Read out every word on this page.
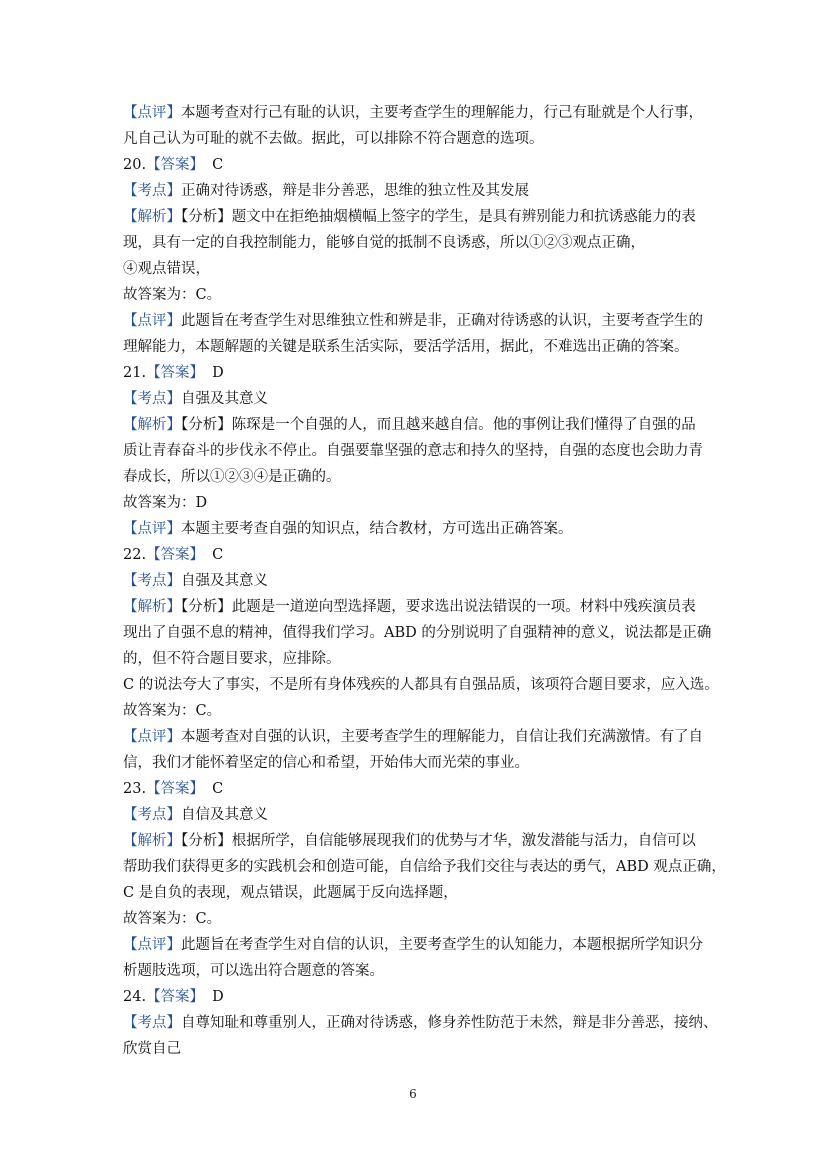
【点评】本题考查对行己有耻的认识，主要考查学生的理解能力，行己有耻就是个人行事，
凡自己认为可耻的就不去做。据此，可以排除不符合题意的选项。
20.【答案】 C
【考点】正确对待诱惑，辩是非分善恶，思维的独立性及其发展
【解析】【分析】题文中在拒绝抽烟横幅上签字的学生，是具有辨别能力和抗诱惑能力的表
现，具有一定的自我控制能力，能够自觉的抵制不良诱惑，所以①②③观点正确，
④观点错误，
故答案为：C。
【点评】此题旨在考查学生对思维独立性和辨是非，正确对待诱惑的认识，主要考查学生的
理解能力，本题解题的关键是联系生活实际，要活学活用，据此，不难选出正确的答案。
21.【答案】 D
【考点】自强及其意义
【解析】【分析】陈琛是一个自强的人，而且越来越自信。他的事例让我们懂得了自强的品
质让青春奋斗的步伐永不停止。自强要靠坚强的意志和持久的坚持，自强的态度也会助力青
春成长，所以①②③④是正确的。
故答案为：D
【点评】本题主要考查自强的知识点，结合教材，方可选出正确答案。
22.【答案】 C
【考点】自强及其意义
【解析】【分析】此题是一道逆向型选择题，要求选出说法错误的一项。材料中残疾演员表
现出了自强不息的精神，值得我们学习。ABD 的分别说明了自强精神的意义，说法都是正确
的，但不符合题目要求，应排除。
C 的说法夸大了事实，不是所有身体残疾的人都具有自强品质，该项符合题目要求，应入选。
故答案为：C。
【点评】本题考查对自强的认识，主要考查学生的理解能力，自信让我们充满激情。有了自
信，我们才能怀着坚定的信心和希望，开始伟大而光荣的事业。
23.【答案】 C
【考点】自信及其意义
【解析】【分析】根据所学，自信能够展现我们的优势与才华，激发潜能与活力，自信可以
帮助我们获得更多的实践机会和创造可能，自信给予我们交往与表达的勇气，ABD 观点正确，
C 是自负的表现，观点错误，此题属于反向选择题，
故答案为：C。
【点评】此题旨在考查学生对自信的认识，主要考查学生的认知能力，本题根据所学知识分
析题肢选项，可以选出符合题意的答案。
24.【答案】 D
【考点】自尊知耻和尊重别人，正确对待诱惑，修身养性防范于未然，辩是非分善恶，接纳、
欣赏自己
6
